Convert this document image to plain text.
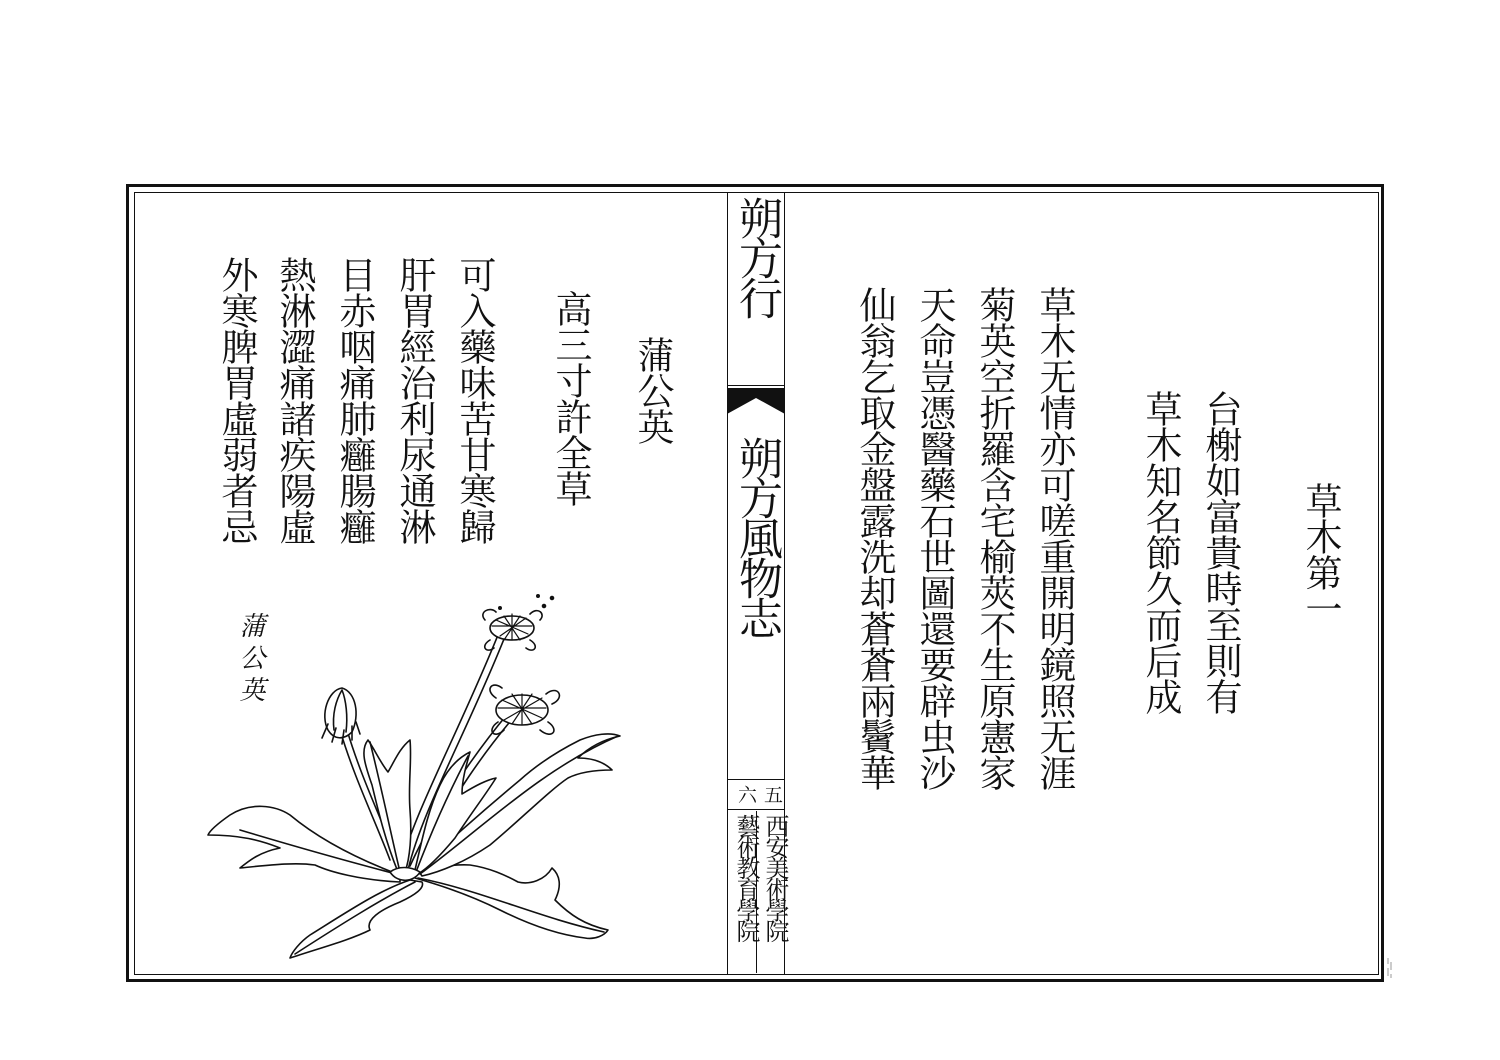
草木第一
台榭如富貴時至則有
草木知名節久而后成
草木无情亦可嗟重開明鏡照无涯
菊英空折羅含宅榆莢不生原憲家
天命豈憑醫藥石世圖還要辟虫沙
仙翁乞取金盤露洗却蒼蒼兩鬢華
朔方行
朔方風物志
六 五
西安美術學院
藝術教育學院
蒲公英
高三寸許全草
可入藥味苦甘寒歸
肝胃經治利尿通淋
目赤咽痛肺癰腸癰
熱淋澀痛諸疾陽虛
外寒脾胃虛弱者忌
蒲公英
